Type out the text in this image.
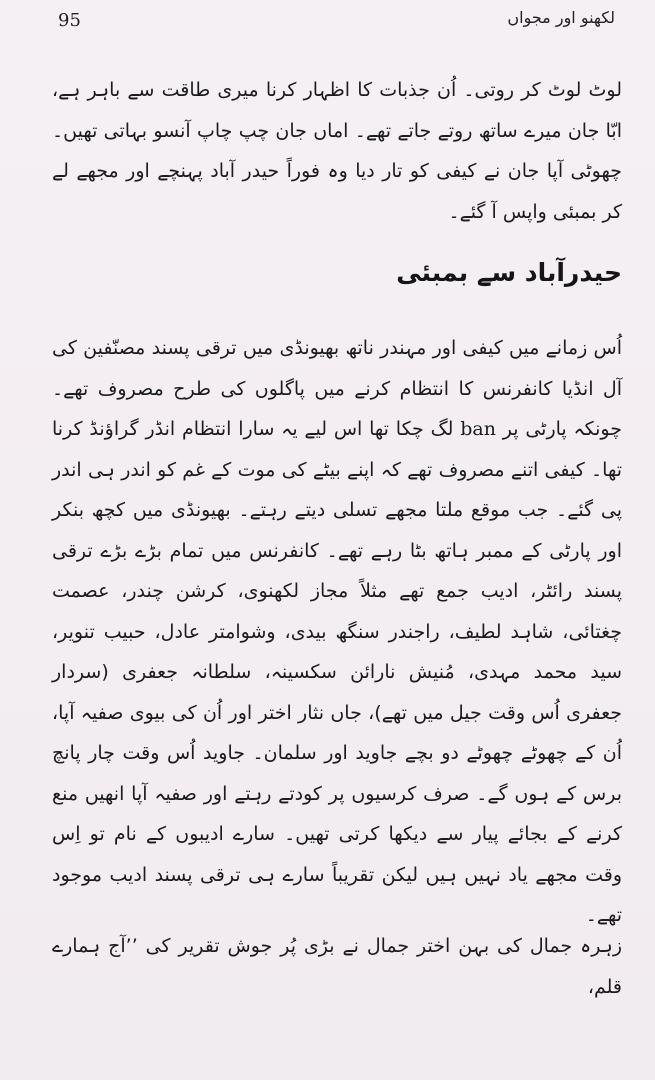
95	لکھنو اور مجواں

لوٹ لوٹ کر روتی۔ اُن جذبات کا اظہار کرنا میری طاقت سے باہر ہے، ابّا جان میرے ساتھ روتے جاتے تھے۔ اماں جان چپ چاپ آنسو بہاتی تھیں۔ چھوٹی آپا جان نے کیفی کو تار دیا وہ فوراً حیدر آباد پہنچے اور مجھے لے کر بمبئی واپس آ گئے۔

حیدرآباد سے بمبئی

اُس زمانے میں کیفی اور مہندر ناتھ بھیونڈی میں ترقی پسند مصنّفین کی آل انڈیا کانفرنس کا انتظام کرنے میں پاگلوں کی طرح مصروف تھے۔ چونکہ پارٹی پر ban لگ چکا تھا اس لیے یہ سارا انتظام انڈر گراؤنڈ کرنا تھا۔ کیفی اتنے مصروف تھے کہ اپنے بیٹے کی موت کے غم کو اندر ہی اندر پی گئے۔ جب موقع ملتا مجھے تسلی دیتے رہتے۔ بھیونڈی میں کچھ بنکر اور پارٹی کے ممبر ہاتھ بٹا رہے تھے۔ کانفرنس میں تمام بڑے بڑے ترقی پسند رائٹر، ادیب جمع تھے مثلاً مجاز لکھنوی، کرشن چندر، عصمت چغتائی، شاہد لطیف، راجندر سنگھ بیدی، وشوامتر عادل، حبیب تنویر، سید محمد مہدی، مُنیش نارائن سکسینہ، سلطانہ جعفری (سردار جعفری اُس وقت جیل میں تھے)، جاں نثار اختر اور اُن کی بیوی صفیہ آپا، اُن کے چھوٹے چھوٹے دو بچے جاوید اور سلمان۔ جاوید اُس وقت چار پانچ برس کے ہوں گے۔ صرف کرسیوں پر کودتے رہتے اور صفیہ آپا انھیں منع کرنے کے بجائے پیار سے دیکھا کرتی تھیں۔ سارے ادیبوں کے نام تو اِس وقت مجھے یاد نہیں ہیں لیکن تقریباً سارے ہی ترقی پسند ادیب موجود تھے۔

زہرہ جمال کی بہن اختر جمال نے بڑی پُر جوش تقریر کی ’’آج ہمارے قلم،
